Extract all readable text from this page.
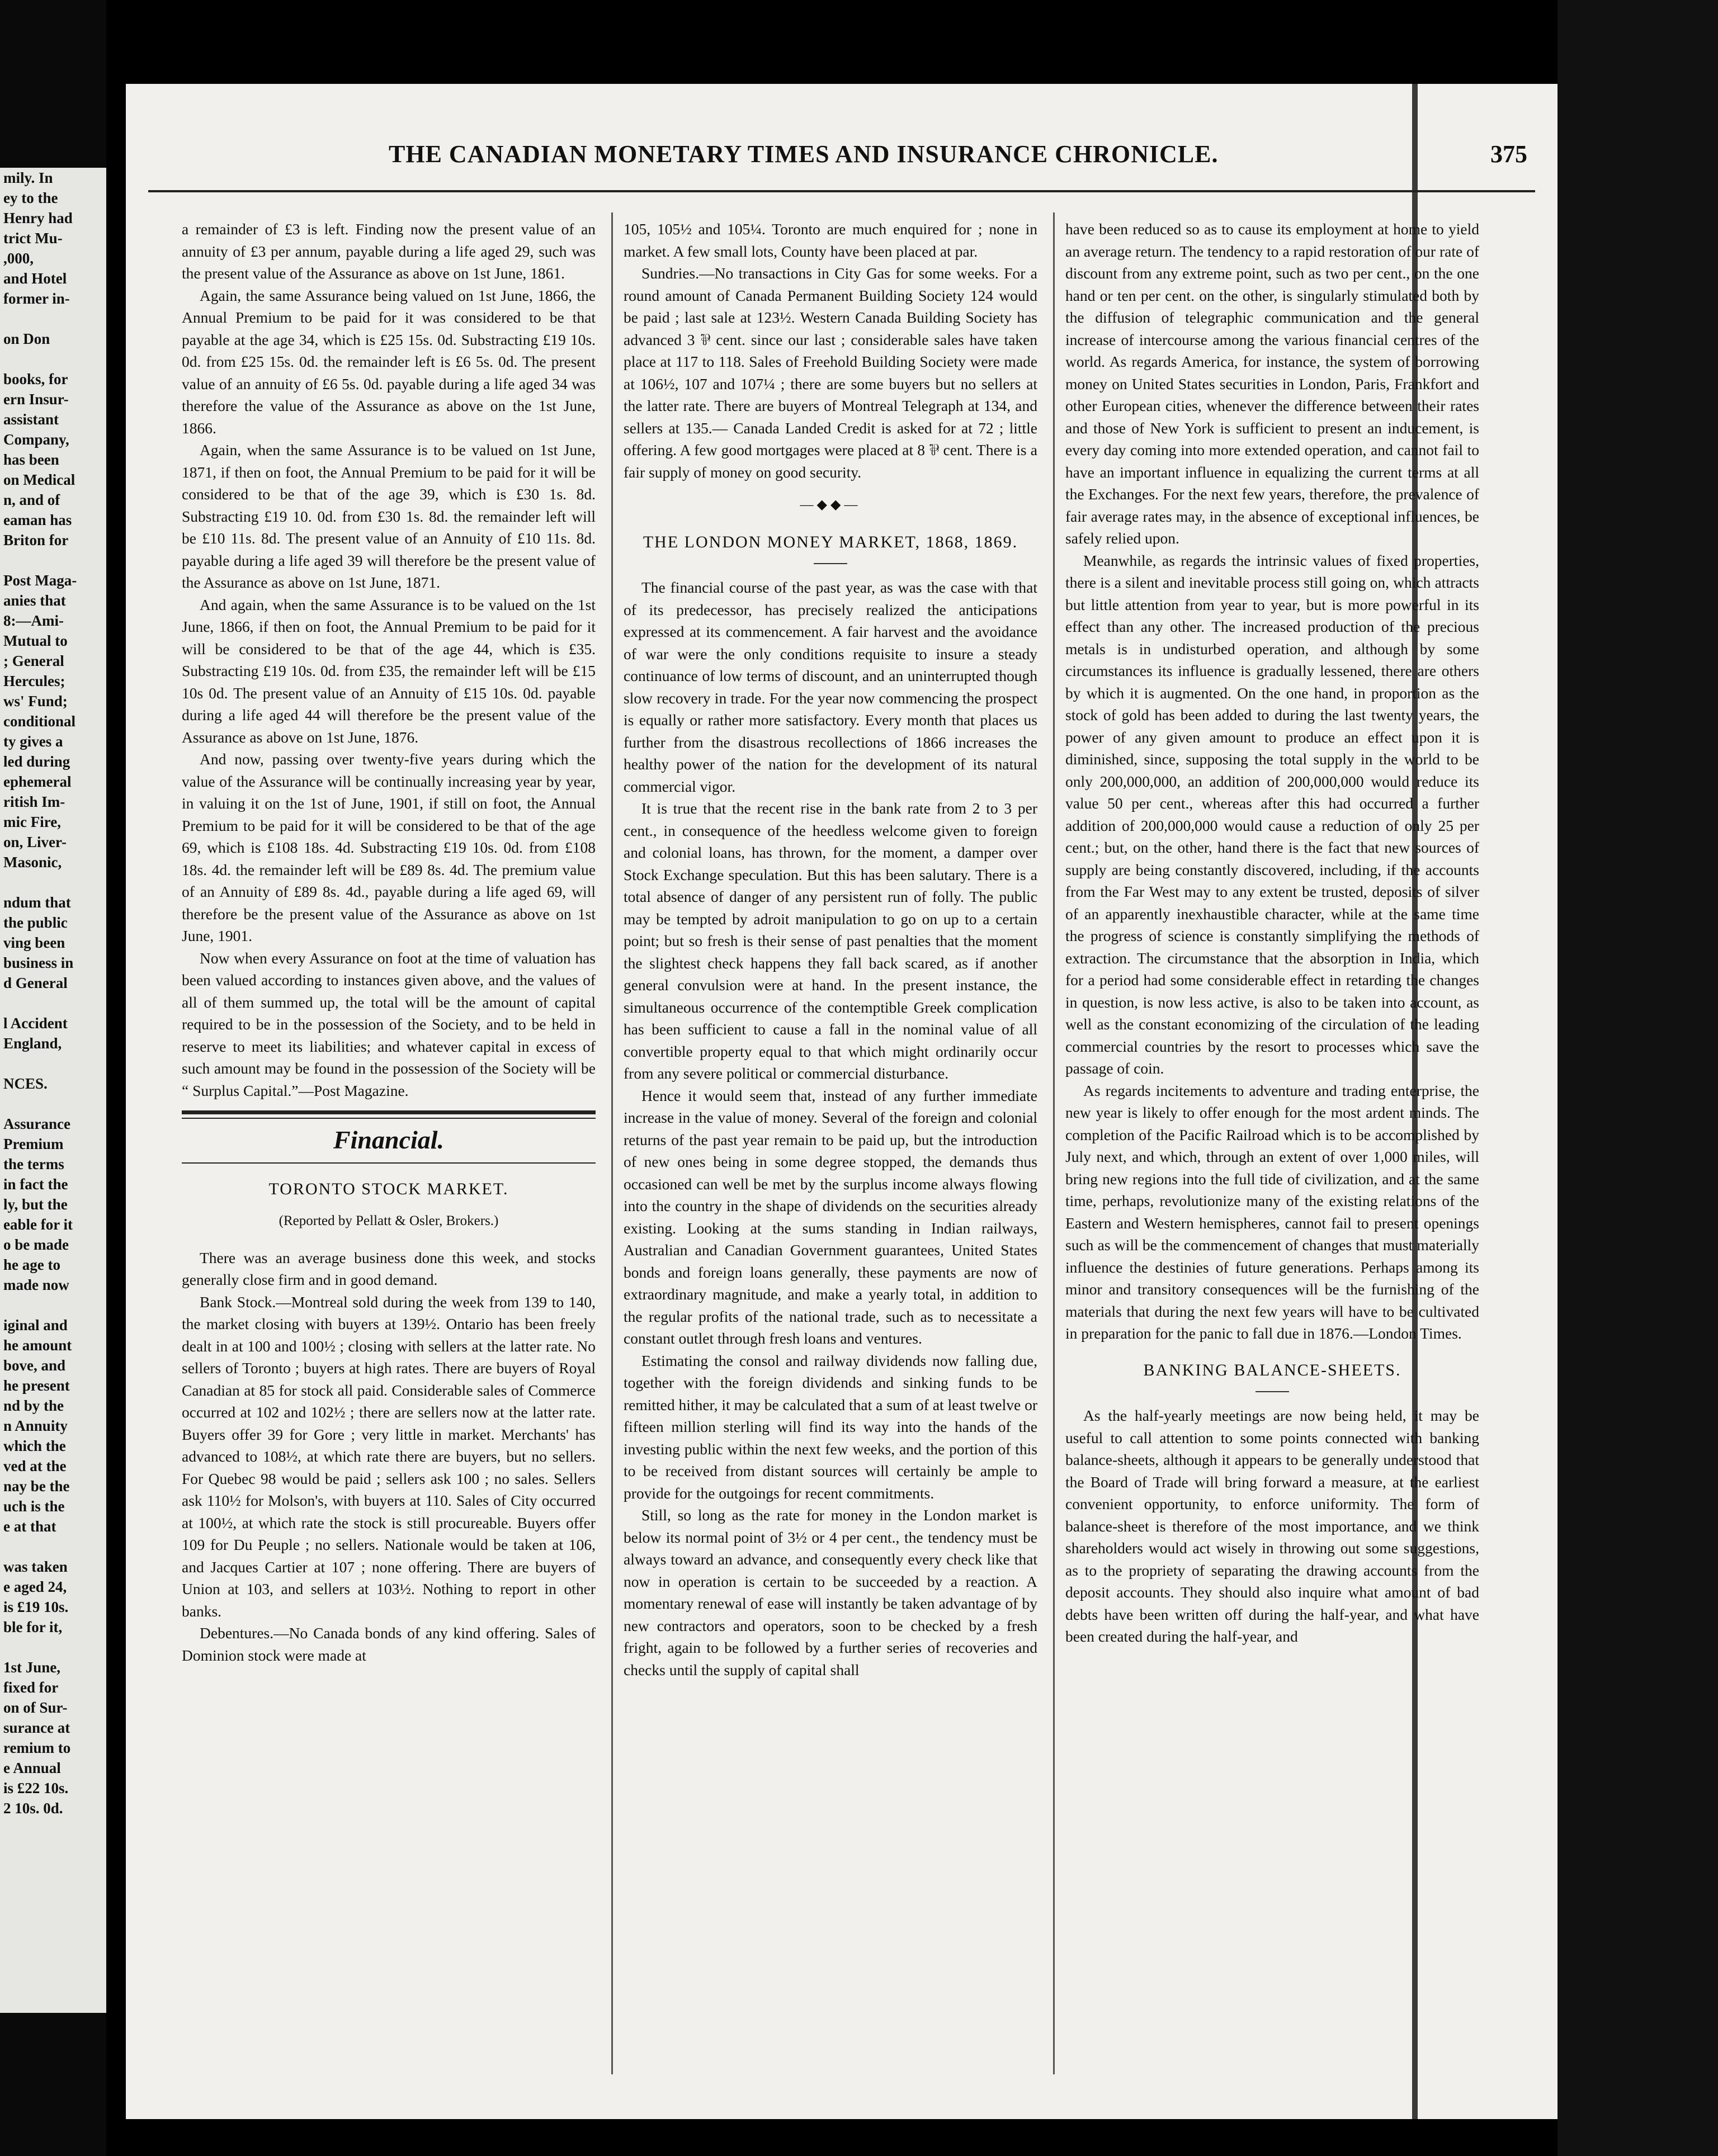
mily. In
ey to the
Henry had
trict Mu-
,000,
and Hotel
former in-

on Don

books, for
ern Insur-
assistant
Company,
has been
on Medical
n, and of
eaman has
Briton for

Post Maga-
anies that
8:—Ami-
Mutual to
; General
Hercules;
ws' Fund;
conditional
ty gives a
led during
ephemeral
ritish Im-
mic Fire,
on, Liver-
Masonic,

ndum that
the public
ving been
business in
d General

l Accident
England,

NCES.

Assurance
Premium
the terms
in fact the
ly, but the
eable for it
o be made
he age to
made now

iginal and
he amount
bove, and
he present
nd by the
n Annuity
which the
ved at the
nay be the
uch is the
e at that

was taken
e aged 24,
is £19 10s.
ble for it,

1st June,
fixed for
on of Sur-
surance at
remium to
e Annual
is £22 10s.
2 10s. 0d.
THE CANADIAN MONETARY TIMES AND INSURANCE CHRONICLE.	375

a remainder of £3 is left. Finding now the present value of an annuity of £3 per annum, payable during a life aged 29, such was the present value of the Assurance as above on 1st June, 1861.

Again, the same Assurance being valued on 1st June, 1866, the Annual Premium to be paid for it was considered to be that payable at the age 34, which is £25 15s. 0d. Substracting £19 10s. 0d. from £25 15s. 0d. the remainder left is £6 5s. 0d. The present value of an annuity of £6 5s. 0d. payable during a life aged 34 was therefore the value of the Assurance as above on the 1st June, 1866.

Again, when the same Assurance is to be valued on 1st June, 1871, if then on foot, the Annual Premium to be paid for it will be considered to be that of the age 39, which is £30 1s. 8d. Substracting £19 10. 0d. from £30 1s. 8d. the remainder left will be £10 11s. 8d. The present value of an Annuity of £10 11s. 8d. payable during a life aged 39 will therefore be the present value of the Assurance as above on 1st June, 1871.

And again, when the same Assurance is to be valued on the 1st June, 1866, if then on foot, the Annual Premium to be paid for it will be considered to be that of the age 44, which is £35. Substracting £19 10s. 0d. from £35, the remainder left will be £15 10s 0d. The present value of an Annuity of £15 10s. 0d. payable during a life aged 44 will therefore be the present value of the Assurance as above on 1st June, 1876.

And now, passing over twenty-five years during which the value of the Assurance will be continually increasing year by year, in valuing it on the 1st of June, 1901, if still on foot, the Annual Premium to be paid for it will be considered to be that of the age 69, which is £108 18s. 4d. Substracting £19 10s. 0d. from £108 18s. 4d. the remainder left will be £89 8s. 4d. The premium value of an Annuity of £89 8s. 4d., payable during a life aged 69, will therefore be the present value of the Assurance as above on 1st June, 1901.

Now when every Assurance on foot at the time of valuation has been valued according to instances given above, and the values of all of them summed up, the total will be the amount of capital required to be in the possession of the Society, and to be held in reserve to meet its liabilities; and whatever capital in excess of such amount may be found in the possession of the Society will be “ Surplus Capital.”—Post Magazine.

Financial.
TORONTO STOCK MARKET.
(Reported by Pellatt & Osler, Brokers.)

There was an average business done this week, and stocks generally close firm and in good demand.

Bank Stock.—Montreal sold during the week from 139 to 140, the market closing with buyers at 139½. Ontario has been freely dealt in at 100 and 100½ ; closing with sellers at the latter rate. No sellers of Toronto ; buyers at high rates. There are buyers of Royal Canadian at 85 for stock all paid. Considerable sales of Commerce occurred at 102 and 102½ ; there are sellers now at the latter rate. Buyers offer 39 for Gore ; very little in market. Merchants' has advanced to 108½, at which rate there are buyers, but no sellers. For Quebec 98 would be paid ; sellers ask 100 ; no sales. Sellers ask 110½ for Molson's, with buyers at 110. Sales of City occurred at 100½, at which rate the stock is still procureable. Buyers offer 109 for Du Peuple ; no sellers. Nationale would be taken at 106, and Jacques Cartier at 107 ; none offering. There are buyers of Union at 103, and sellers at 103½. Nothing to report in other banks.

Debentures.—No Canada bonds of any kind offering. Sales of Dominion stock were made at

105, 105½ and 105¼. Toronto are much enquired for ; none in market. A few small lots, County have been placed at par.

Sundries.—No transactions in City Gas for some weeks. For a round amount of Canada Permanent Building Society 124 would be paid ; last sale at 123½. Western Canada Building Society has advanced 3 ⅌ cent. since our last ; considerable sales have taken place at 117 to 118. Sales of Freehold Building Society were made at 106½, 107 and 107¼ ; there are some buyers but no sellers at the latter rate. There are buyers of Montreal Telegraph at 134, and sellers at 135.— Canada Landed Credit is asked for at 72 ; little offering. A few good mortgages were placed at 8 ⅌ cent. There is a fair supply of money on good security.

—◆◆—
THE LONDON MONEY MARKET, 1868, 1869.

The financial course of the past year, as was the case with that of its predecessor, has precisely realized the anticipations expressed at its commencement. A fair harvest and the avoidance of war were the only conditions requisite to insure a steady continuance of low terms of discount, and an uninterrupted though slow recovery in trade. For the year now commencing the prospect is equally or rather more satisfactory. Every month that places us further from the disastrous recollections of 1866 increases the healthy power of the nation for the development of its natural commercial vigor.

It is true that the recent rise in the bank rate from 2 to 3 per cent., in consequence of the heedless welcome given to foreign and colonial loans, has thrown, for the moment, a damper over Stock Exchange speculation. But this has been salutary. There is a total absence of danger of any persistent run of folly. The public may be tempted by adroit manipulation to go on up to a certain point; but so fresh is their sense of past penalties that the moment the slightest check happens they fall back scared, as if another general convulsion were at hand. In the present instance, the simultaneous occurrence of the contemptible Greek complication has been sufficient to cause a fall in the nominal value of all convertible property equal to that which might ordinarily occur from any severe political or commercial disturbance.

Hence it would seem that, instead of any further immediate increase in the value of money. Several of the foreign and colonial returns of the past year remain to be paid up, but the introduction of new ones being in some degree stopped, the demands thus occasioned can well be met by the surplus income always flowing into the country in the shape of dividends on the securities already existing. Looking at the sums standing in Indian railways, Australian and Canadian Government guarantees, United States bonds and foreign loans generally, these payments are now of extraordinary magnitude, and make a yearly total, in addition to the regular profits of the national trade, such as to necessitate a constant outlet through fresh loans and ventures.

Estimating the consol and railway dividends now falling due, together with the foreign dividends and sinking funds to be remitted hither, it may be calculated that a sum of at least twelve or fifteen million sterling will find its way into the hands of the investing public within the next few weeks, and the portion of this to be received from distant sources will certainly be ample to provide for the outgoings for recent commitments.

Still, so long as the rate for money in the London market is below its normal point of 3½ or 4 per cent., the tendency must be always toward an advance, and consequently every check like that now in operation is certain to be succeeded by a reaction. A momentary renewal of ease will instantly be taken advantage of by new contractors and operators, soon to be checked by a fresh fright, again to be followed by a further series of recoveries and checks until the supply of capital shall

have been reduced so as to cause its employment at home to yield an average return. The tendency to a rapid restoration of our rate of discount from any extreme point, such as two per cent., on the one hand or ten per cent. on the other, is singularly stimulated both by the diffusion of telegraphic communication and the general increase of intercourse among the various financial centres of the world. As regards America, for instance, the system of borrowing money on United States securities in London, Paris, Frankfort and other European cities, whenever the difference between their rates and those of New York is sufficient to present an inducement, is every day coming into more extended operation, and cannot fail to have an important influence in equalizing the current terms at all the Exchanges. For the next few years, therefore, the prevalence of fair average rates may, in the absence of exceptional influences, be safely relied upon.

Meanwhile, as regards the intrinsic values of fixed properties, there is a silent and inevitable process still going on, which attracts but little attention from year to year, but is more powerful in its effect than any other. The increased production of the precious metals is in undisturbed operation, and although by some circumstances its influence is gradually lessened, there are others by which it is augmented. On the one hand, in proportion as the stock of gold has been added to during the last twenty years, the power of any given amount to produce an effect upon it is diminished, since, supposing the total supply in the world to be only 200,000,000, an addition of 200,000,000 would reduce its value 50 per cent., whereas after this had occurred a further addition of 200,000,000 would cause a reduction of only 25 per cent.; but, on the other, hand there is the fact that new sources of supply are being constantly discovered, including, if the accounts from the Far West may to any extent be trusted, deposits of silver of an apparently inexhaustible character, while at the same time the progress of science is constantly simplifying the methods of extraction. The circumstance that the absorption in India, which for a period had some considerable effect in retarding the changes in question, is now less active, is also to be taken into account, as well as the constant economizing of the circulation of the leading commercial countries by the resort to processes which save the passage of coin.

As regards incitements to adventure and trading enterprise, the new year is likely to offer enough for the most ardent minds. The completion of the Pacific Railroad which is to be accomplished by July next, and which, through an extent of over 1,000 miles, will bring new regions into the full tide of civilization, and at the same time, perhaps, revolutionize many of the existing relations of the Eastern and Western hemispheres, cannot fail to present openings such as will be the commencement of changes that must materially influence the destinies of future generations. Perhaps among its minor and transitory consequences will be the furnishing of the materials that during the next few years will have to be cultivated in preparation for the panic to fall due in 1876.—London Times.

BANKING BALANCE-SHEETS.

As the half-yearly meetings are now being held, it may be useful to call attention to some points connected with banking balance-sheets, although it appears to be generally understood that the Board of Trade will bring forward a measure, at the earliest convenient opportunity, to enforce uniformity. The form of balance-sheet is therefore of the most importance, and we think shareholders would act wisely in throwing out some suggestions, as to the propriety of separating the drawing accounts from the deposit accounts. They should also inquire what amount of bad debts have been written off during the half-year, and what have been created during the half-year, and
